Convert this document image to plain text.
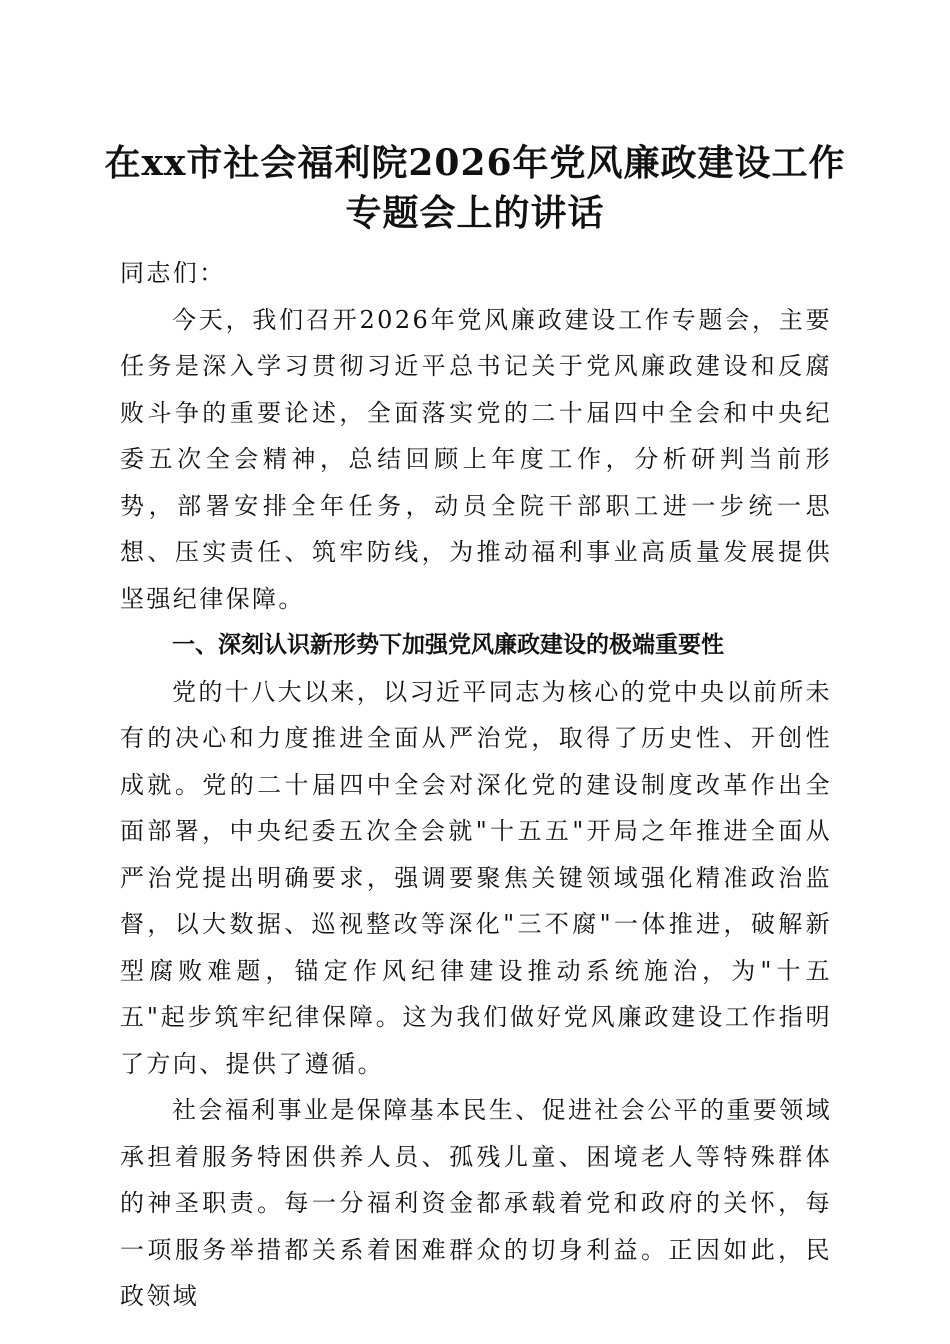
在xx市社会福利院2026年党风廉政建设工作
专题会上的讲话

同志们：

今天，我们召开2026年党风廉政建设工作专题会，主要任务是深入学习贯彻习近平总书记关于党风廉政建设和反腐败斗争的重要论述，全面落实党的二十届四中全会和中央纪委五次全会精神，总结回顾上年度工作，分析研判当前形势，部署安排全年任务，动员全院干部职工进一步统一思想、压实责任、筑牢防线，为推动福利事业高质量发展提供坚强纪律保障。

一、深刻认识新形势下加强党风廉政建设的极端重要性

党的十八大以来，以习近平同志为核心的党中央以前所未有的决心和力度推进全面从严治党，取得了历史性、开创性成就。党的二十届四中全会对深化党的建设制度改革作出全面部署，中央纪委五次全会就"十五五"开局之年推进全面从严治党提出明确要求，强调要聚焦关键领域强化精准政治监督，以大数据、巡视整改等深化"三不腐"一体推进，破解新型腐败难题，锚定作风纪律建设推动系统施治，为"十五五"起步筑牢纪律保障。这为我们做好党风廉政建设工作指明了方向、提供了遵循。

社会福利事业是保障基本民生、促进社会公平的重要领域承担着服务特困供养人员、孤残儿童、困境老人等特殊群体的神圣职责。每一分福利资金都承载着党和政府的关怀，每一项服务举措都关系着困难群众的切身利益。正因如此，民政领域
